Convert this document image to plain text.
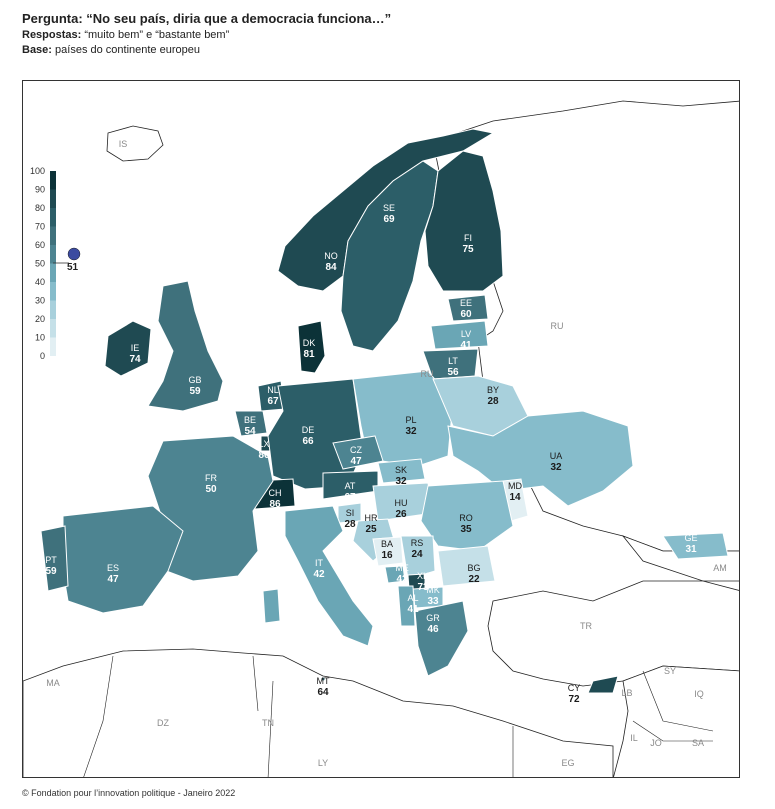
Pergunta: “No seu país, diria que a democracia funciona…”
Respostas: “muito bem” e “bastante bem”
Base: países do continente europeu
100
90
80
70
60
50
40
30
20
10
0
51
NO
84
SE
69
FI
75
EE
60
LV
41
LT
56
DK
81
IE
74
GB
59	NL
67
BE
54
LX
80
DE
66
PL
32
BY
28
UA
32
CZ
47
SK
32
AT
67
CH
86
FR
50
HU
26
MD
14
RO
35
SI
28
HR
25
BA
16
RS
24
ME
42 XK
73
BG
22
MK
33
AL
41
GR
46
IT
42
ES
47
PT
59
GE
31
MT
64	CY
72
IS
RU
RU
AM
TR
SY
IQ
LB
IL JO	SA
MA
DZ	TN
LY	EG
© Fondation pour l’innovation politique - Janeiro 2022
